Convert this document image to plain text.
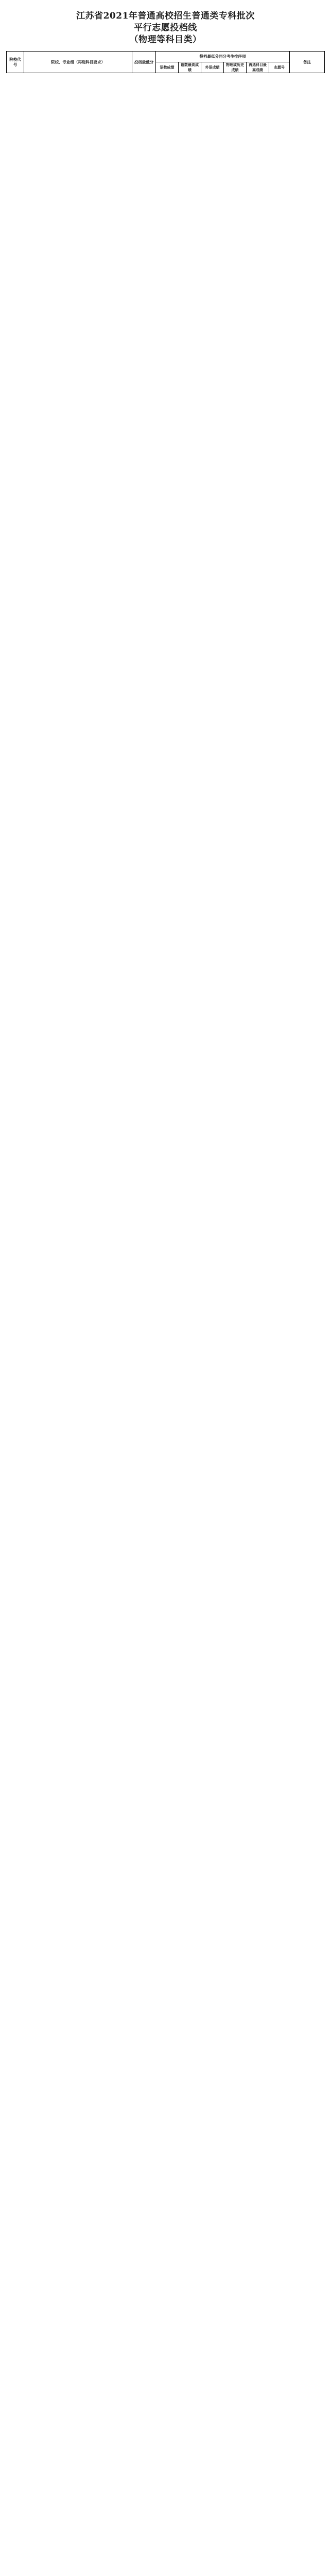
江苏省2021年普通高校招生普通类专科批次
平行志愿投档线
（物理等科目类）
院校代号	院校、专业组（再选科目要求）	投档最低分	投档最低分同分考生排序项						备注
			语数成绩	语数最高成绩	外语成绩	物理或历史成绩	再选科目最高成绩	志愿号	
